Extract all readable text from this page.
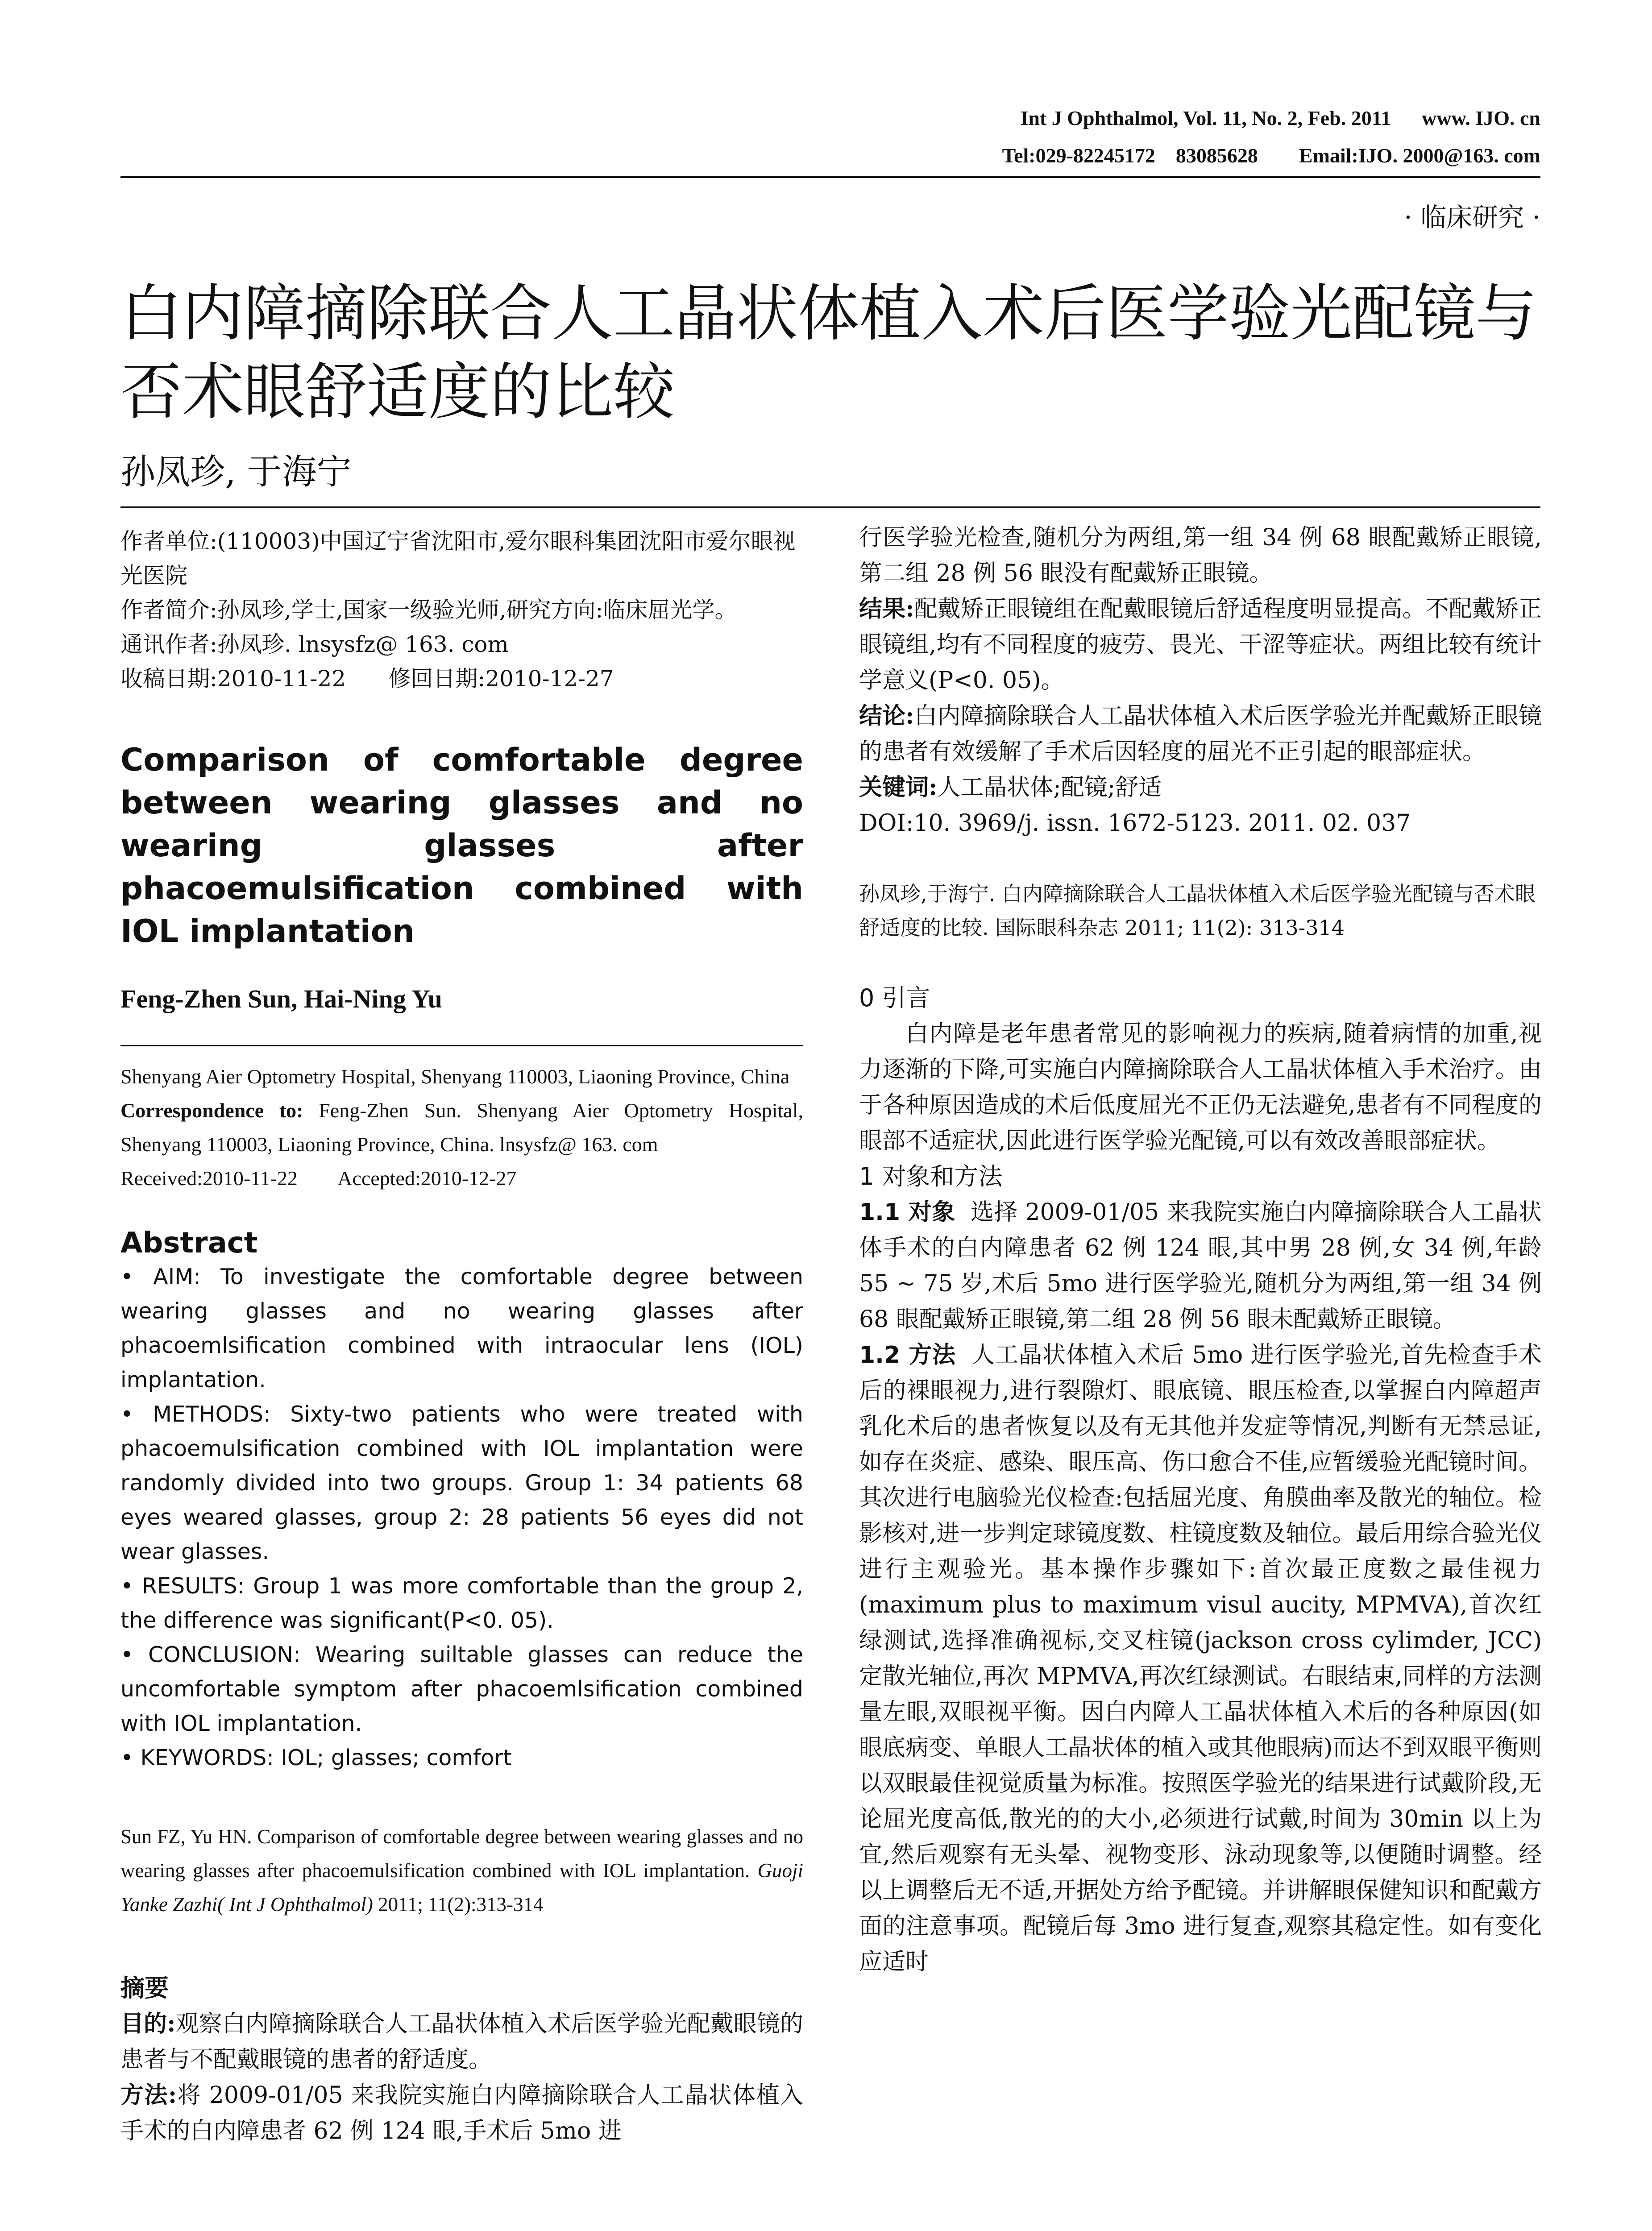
Int J Ophthalmol, Vol. 11, No. 2, Feb. 2011      www. IJO. cn
Tel:029-82245172    83085628        Email:IJO. 2000@163. com
· 临床研究 ·
白内障摘除联合人工晶状体植入术后医学验光配镜与否术眼舒适度的比较
孙凤珍, 于海宁

作者单位:(110003)中国辽宁省沈阳市,爱尔眼科集团沈阳市爱尔眼视光医院

作者简介:孙凤珍,学士,国家一级验光师,研究方向:临床屈光学。

通讯作者:孙凤珍. lnsysfz@ 163. com

收稿日期:2010-11-22      修回日期:2010-12-27

Comparison of comfortable degree between wearing glasses and no wearing glasses after phacoemulsification combined with IOL implantation

Feng-Zhen Sun, Hai-Ning Yu

Shenyang Aier Optometry Hospital, Shenyang 110003, Liaoning Province, China

Correspondence to: Feng-Zhen Sun. Shenyang Aier Optometry Hospital, Shenyang 110003, Liaoning Province, China. lnsysfz@ 163. com

Received:2010-11-22        Accepted:2010-12-27

Abstract

• AIM: To investigate the comfortable degree between wearing glasses and no wearing glasses after phacoemlsification combined with intraocular lens (IOL) implantation.

• METHODS: Sixty-two patients who were treated with phacoemulsification combined with IOL implantation were randomly divided into two groups. Group 1: 34 patients 68 eyes weared glasses, group 2: 28 patients 56 eyes did not wear glasses.

• RESULTS: Group 1 was more comfortable than the group 2, the difference was significant(P<0. 05).

• CONCLUSION: Wearing suiltable glasses can reduce the uncomfortable symptom after phacoemlsification combined with IOL implantation.

• KEYWORDS: IOL; glasses; comfort

Sun FZ, Yu HN. Comparison of comfortable degree between wearing glasses and no wearing glasses after phacoemulsification combined with IOL implantation. Guoji Yanke Zazhi( Int J Ophthalmol) 2011; 11(2):313-314

摘要

目的:观察白内障摘除联合人工晶状体植入术后医学验光配戴眼镜的患者与不配戴眼镜的患者的舒适度。

方法:将 2009-01/05 来我院实施白内障摘除联合人工晶状体植入手术的白内障患者 62 例 124 眼,手术后 5mo 进

行医学验光检查,随机分为两组,第一组 34 例 68 眼配戴矫正眼镜,第二组 28 例 56 眼没有配戴矫正眼镜。

结果:配戴矫正眼镜组在配戴眼镜后舒适程度明显提高。不配戴矫正眼镜组,均有不同程度的疲劳、畏光、干涩等症状。两组比较有统计学意义(P<0. 05)。

结论:白内障摘除联合人工晶状体植入术后医学验光并配戴矫正眼镜的患者有效缓解了手术后因轻度的屈光不正引起的眼部症状。

关键词:人工晶状体;配镜;舒适

DOI:10. 3969/j. issn. 1672-5123. 2011. 02. 037

孙凤珍,于海宁. 白内障摘除联合人工晶状体植入术后医学验光配镜与否术眼舒适度的比较. 国际眼科杂志 2011; 11(2): 313-314

0 引言

白内障是老年患者常见的影响视力的疾病,随着病情的加重,视力逐渐的下降,可实施白内障摘除联合人工晶状体植入手术治疗。由于各种原因造成的术后低度屈光不正仍无法避免,患者有不同程度的眼部不适症状,因此进行医学验光配镜,可以有效改善眼部症状。

1 对象和方法

1.1 对象  选择 2009-01/05 来我院实施白内障摘除联合人工晶状体手术的白内障患者 62 例 124 眼,其中男 28 例,女 34 例,年龄 55 ~ 75 岁,术后 5mo 进行医学验光,随机分为两组,第一组 34 例 68 眼配戴矫正眼镜,第二组 28 例 56 眼未配戴矫正眼镜。

1.2 方法  人工晶状体植入术后 5mo 进行医学验光,首先检查手术后的裸眼视力,进行裂隙灯、眼底镜、眼压检查,以掌握白内障超声乳化术后的患者恢复以及有无其他并发症等情况,判断有无禁忌证,如存在炎症、感染、眼压高、伤口愈合不佳,应暂缓验光配镜时间。其次进行电脑验光仪检查:包括屈光度、角膜曲率及散光的轴位。检影核对,进一步判定球镜度数、柱镜度数及轴位。最后用综合验光仪进行主观验光。基本操作步骤如下:首次最正度数之最佳视力(maximum plus to maximum visul aucity, MPMVA),首次红绿测试,选择准确视标,交叉柱镜(jackson cross cylimder, JCC)定散光轴位,再次 MPMVA,再次红绿测试。右眼结束,同样的方法测量左眼,双眼视平衡。因白内障人工晶状体植入术后的各种原因(如眼底病变、单眼人工晶状体的植入或其他眼病)而达不到双眼平衡则以双眼最佳视觉质量为标准。按照医学验光的结果进行试戴阶段,无论屈光度高低,散光的的大小,必须进行试戴,时间为 30min 以上为宜,然后观察有无头晕、视物变形、泳动现象等,以便随时调整。经以上调整后无不适,开据处方给予配镜。并讲解眼保健知识和配戴方面的注意事项。配镜后每 3mo 进行复查,观察其稳定性。如有变化应适时
